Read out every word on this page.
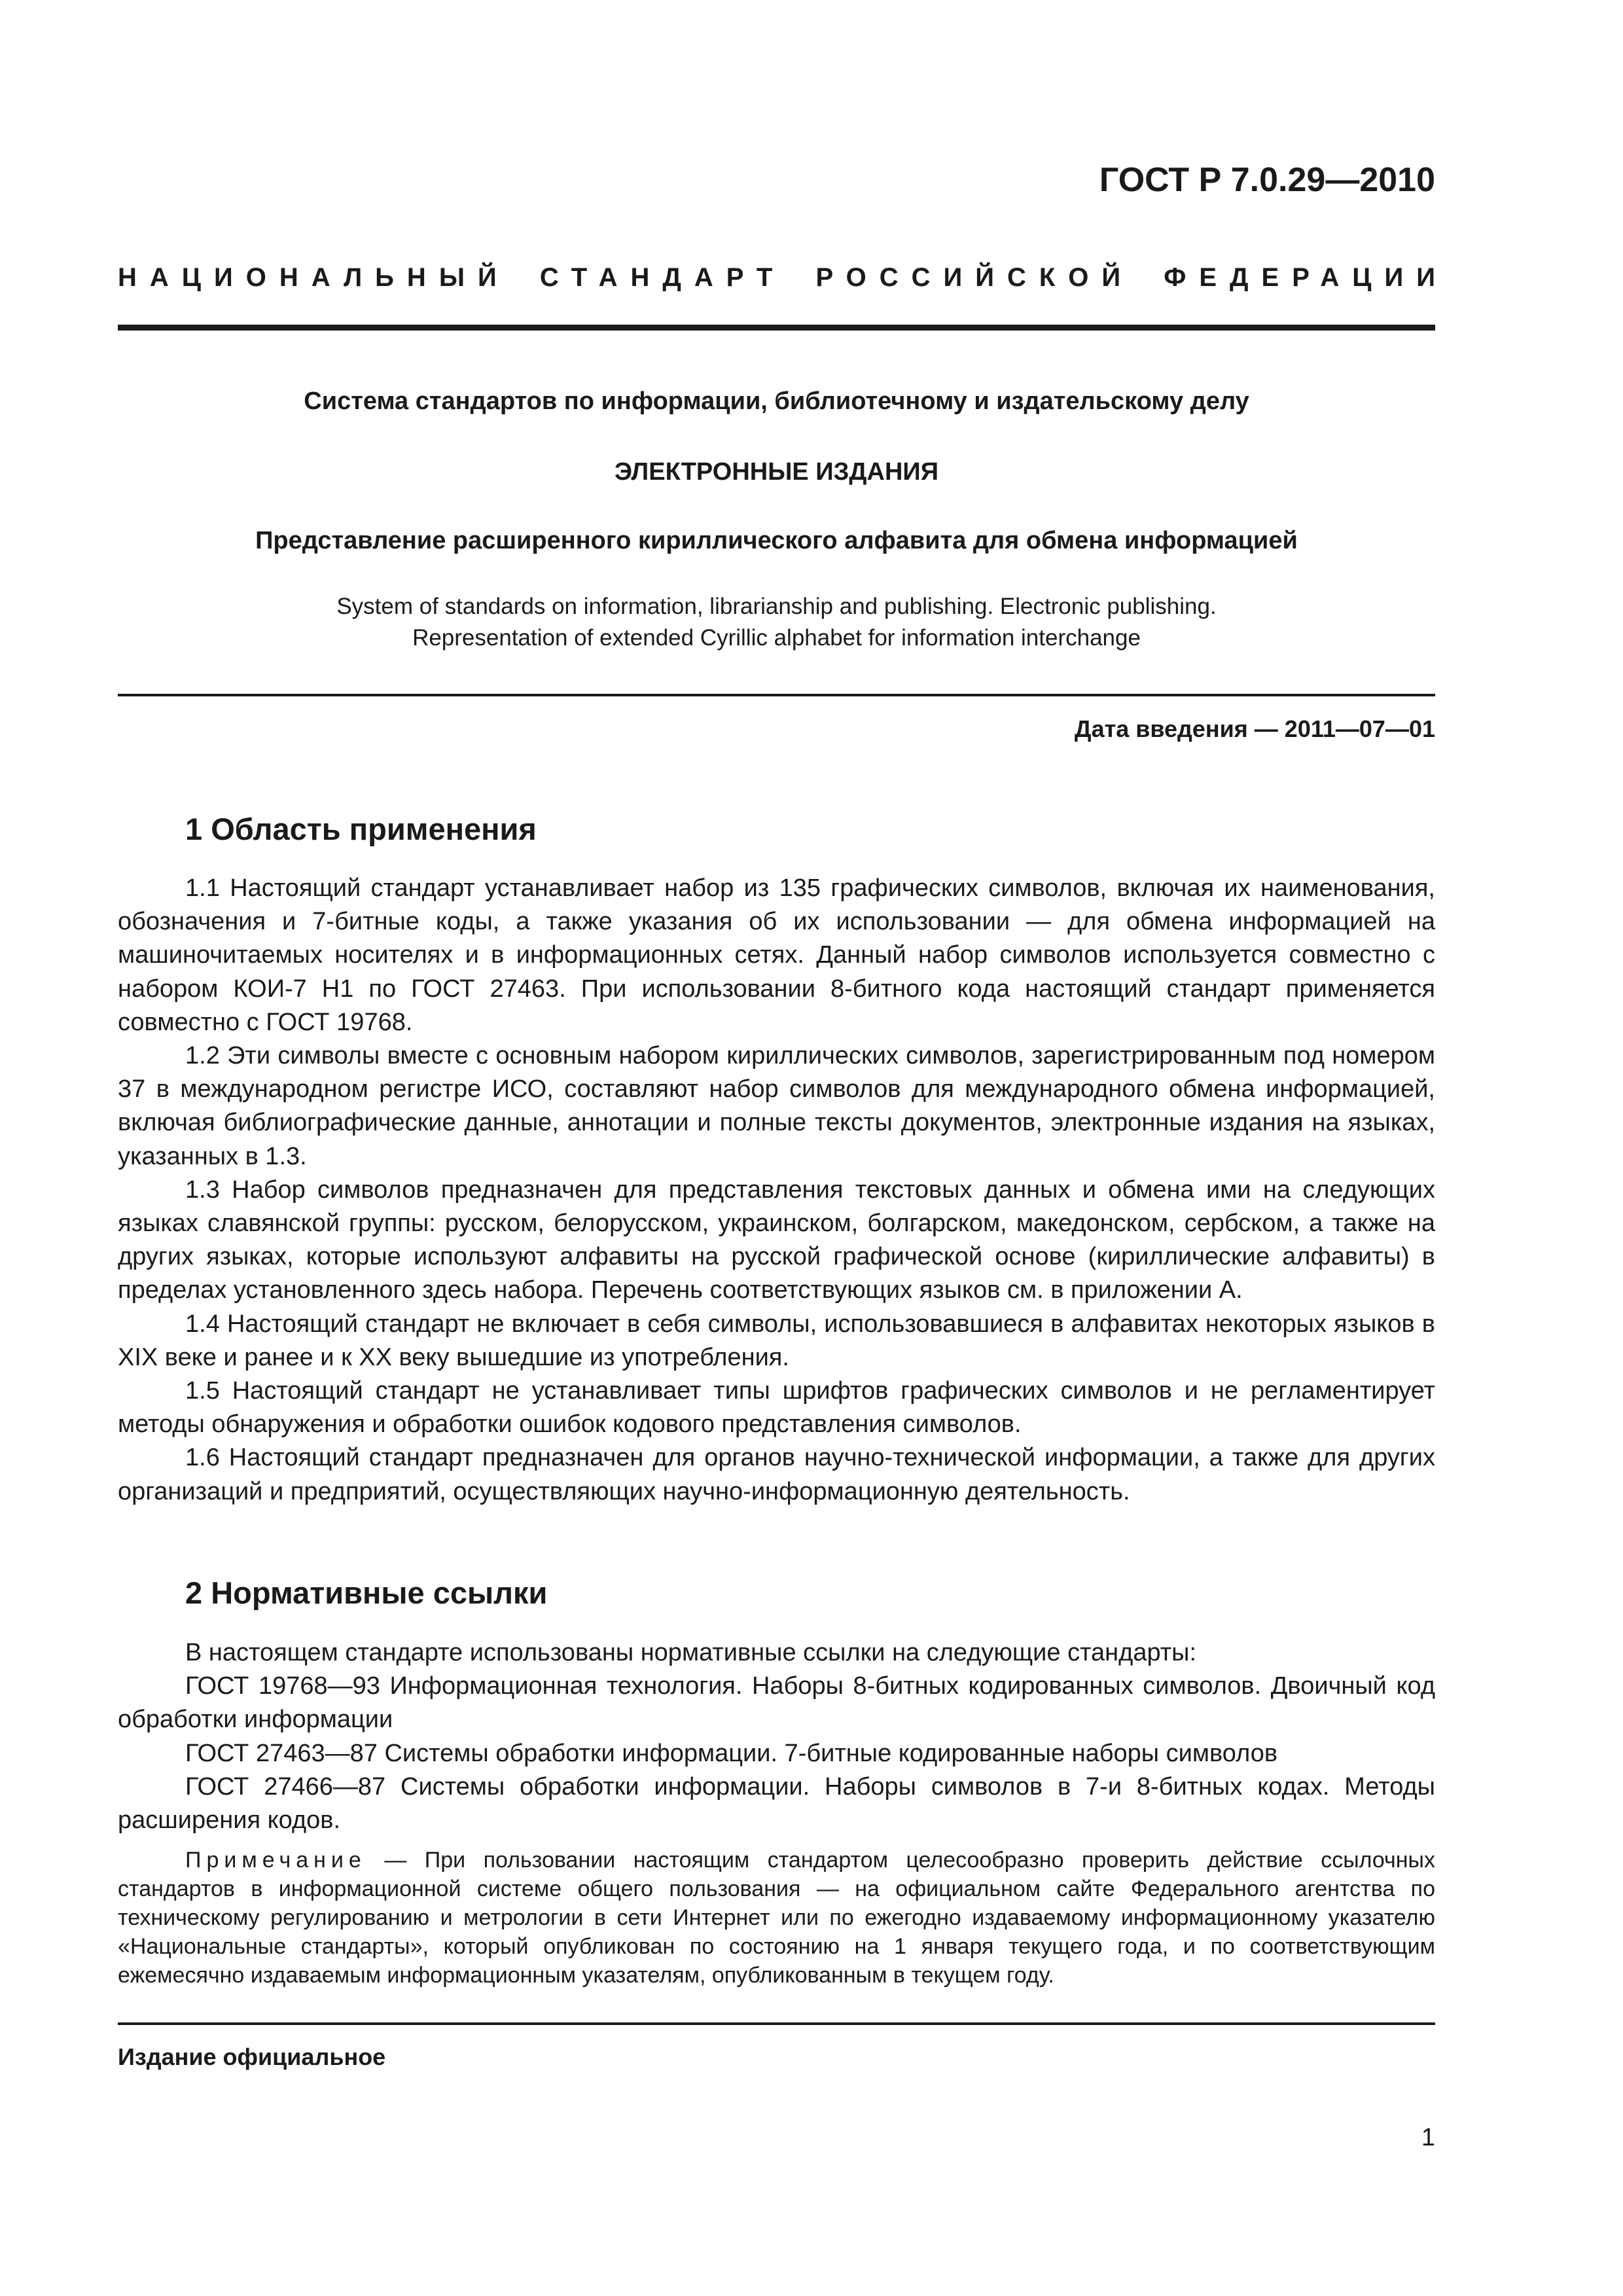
ГОСТ Р 7.0.29—2010
НАЦИОНАЛЬНЫЙ СТАНДАРТ РОССИЙСКОЙ ФЕДЕРАЦИИ
Система стандартов по информации, библиотечному и издательскому делу
ЭЛЕКТРОННЫЕ ИЗДАНИЯ
Представление расширенного кириллического алфавита для обмена информацией
System of standards on information, librarianship and publishing. Electronic publishing.
Representation of extended Cyrillic alphabet for information interchange
Дата введения — 2011—07—01
1 Область применения

1.1 Настоящий стандарт устанавливает набор из 135 графических символов, включая их наименования, обозначения и 7-битные коды, а также указания об их использовании — для обмена информацией на машиночитаемых носителях и в информационных сетях. Данный набор символов используется совместно с набором КОИ-7 Н1 по ГОСТ 27463. При использовании 8-битного кода настоящий стандарт применяется совместно с ГОСТ 19768.

1.2 Эти символы вместе с основным набором кириллических символов, зарегистрированным под номером 37 в международном регистре ИСО, составляют набор символов для международного обмена информацией, включая библиографические данные, аннотации и полные тексты документов, электронные издания на языках, указанных в 1.3.

1.3 Набор символов предназначен для представления текстовых данных и обмена ими на следующих языках славянской группы: русском, белорусском, украинском, болгарском, македонском, сербском, а также на других языках, которые используют алфавиты на русской графической основе (кириллические алфавиты) в пределах установленного здесь набора. Перечень соответствующих языков см. в приложении А.

1.4 Настоящий стандарт не включает в себя символы, использовавшиеся в алфавитах некоторых языков в XIX веке и ранее и к XX веку вышедшие из употребления.

1.5 Настоящий стандарт не устанавливает типы шрифтов графических символов и не регламентирует методы обнаружения и обработки ошибок кодового представления символов.

1.6 Настоящий стандарт предназначен для органов научно-технической информации, а также для других организаций и предприятий, осуществляющих научно-информационную деятельность.

2 Нормативные ссылки

В настоящем стандарте использованы нормативные ссылки на следующие стандарты:

ГОСТ 19768—93 Информационная технология. Наборы 8-битных кодированных символов. Двоичный код обработки информации

ГОСТ 27463—87 Системы обработки информации. 7-битные кодированные наборы символов

ГОСТ 27466—87 Системы обработки информации. Наборы символов в 7-и 8-битных кодах. Методы расширения кодов.

Примечание — При пользовании настоящим стандартом целесообразно проверить действие ссылочных стандартов в информационной системе общего пользования — на официальном сайте Федерального агентства по техническому регулированию и метрологии в сети Интернет или по ежегодно издаваемому информационному указателю «Национальные стандарты», который опубликован по состоянию на 1 января текущего года, и по соответствующим ежемесячно издаваемым информационным указателям, опубликованным в текущем году.

Издание официальное
1
